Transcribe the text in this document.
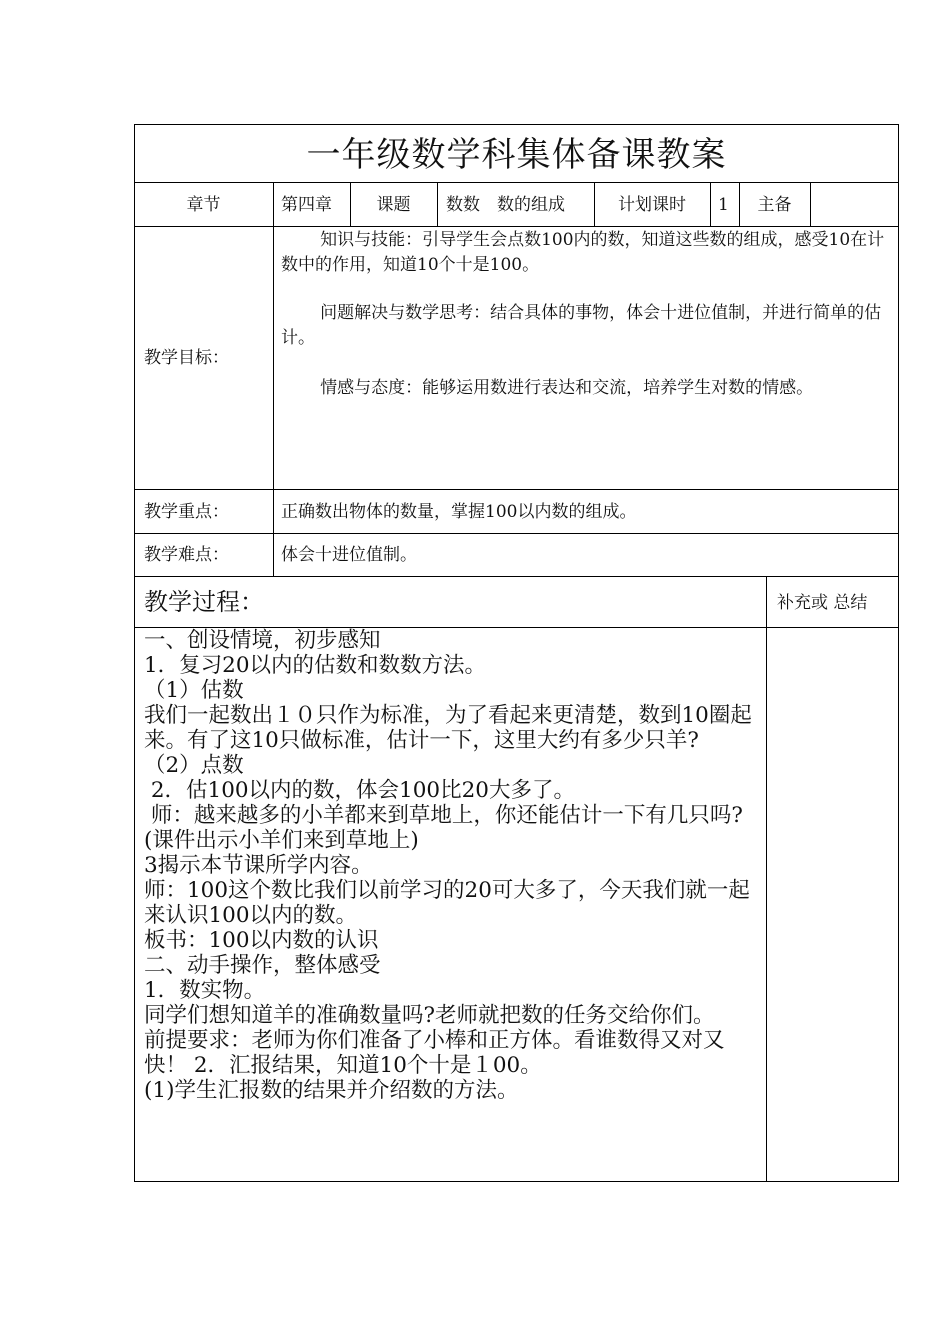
一年级数学科集体备课教案
章节	第四章	课题	数数　数的组成	计划课时	1	主备
教学目标：
知识与技能：引导学生会点数100内的数，知道这些数的组成，感受10在计数中的作用，知道10个十是100。
问题解决与数学思考：结合具体的事物，体会十进位值制，并进行简单的估计。
情感与态度：能够运用数进行表达和交流，培养学生对数的情感。
教学重点：	正确数出物体的数量，掌握100以内数的组成。
教学难点：	体会十进位值制。
教学过程：	补充或 总结
一、创设情境，初步感知
1．复习20以内的估数和数数方法。
（1）估数
我们一起数出１０只作为标准，为了看起来更清楚，数到10圈起来。有了这10只做标准，估计一下，这里大约有多少只羊?
（2）点数
2．估100以内的数，体会100比20大多了。
师：越来越多的小羊都来到草地上，你还能估计一下有几只吗?(课件出示小羊们来到草地上)
3揭示本节课所学内容。
师：100这个数比我们以前学习的20可大多了，今天我们就一起来认识100以内的数。
板书：100以内数的认识
二、动手操作，整体感受
1．数实物。
同学们想知道羊的准确数量吗?老师就把数的任务交给你们。
前提要求：老师为你们准备了小棒和正方体。看谁数得又对又快！ 2．汇报结果，知道10个十是１00。
(1)学生汇报数的结果并介绍数的方法。
